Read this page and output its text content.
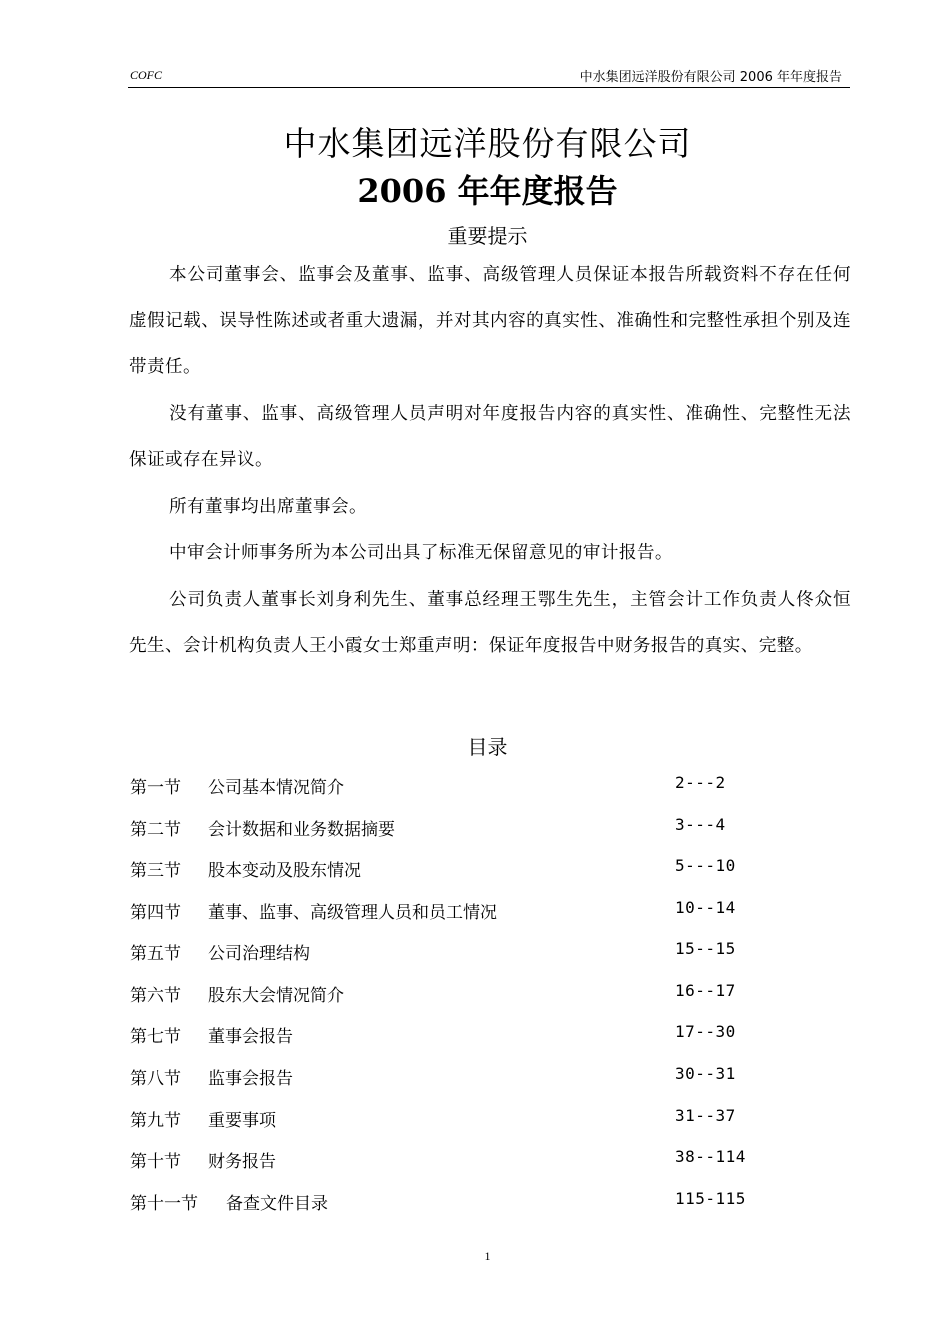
COFC	中水集团远洋股份有限公司 2006 年年度报告
中水集团远洋股份有限公司
2006 年年度报告
重要提示

本公司董事会、监事会及董事、监事、高级管理人员保证本报告所载资料不存在任何虚假记载、误导性陈述或者重大遗漏，并对其内容的真实性、准确性和完整性承担个别及连带责任。

没有董事、监事、高级管理人员声明对年度报告内容的真实性、准确性、完整性无法保证或存在异议。

所有董事均出席董事会。

中审会计师事务所为本公司出具了标准无保留意见的审计报告。

公司负责人董事长刘身利先生、董事总经理王鄂生先生，主管会计工作负责人佟众恒先生、会计机构负责人王小霞女士郑重声明：保证年度报告中财务报告的真实、完整。

目录
第一节 公司基本情况简介	2---2
第二节 会计数据和业务数据摘要	3---4
第三节 股本变动及股东情况	5---10
第四节 董事、监事、高级管理人员和员工情况	10--14
第五节 公司治理结构	15--15
第六节 股东大会情况简介	16--17
第七节 董事会报告	17--30
第八节 监事会报告	30--31
第九节 重要事项	31--37
第十节 财务报告	38--114
第十一节 备查文件目录	115-115
1
